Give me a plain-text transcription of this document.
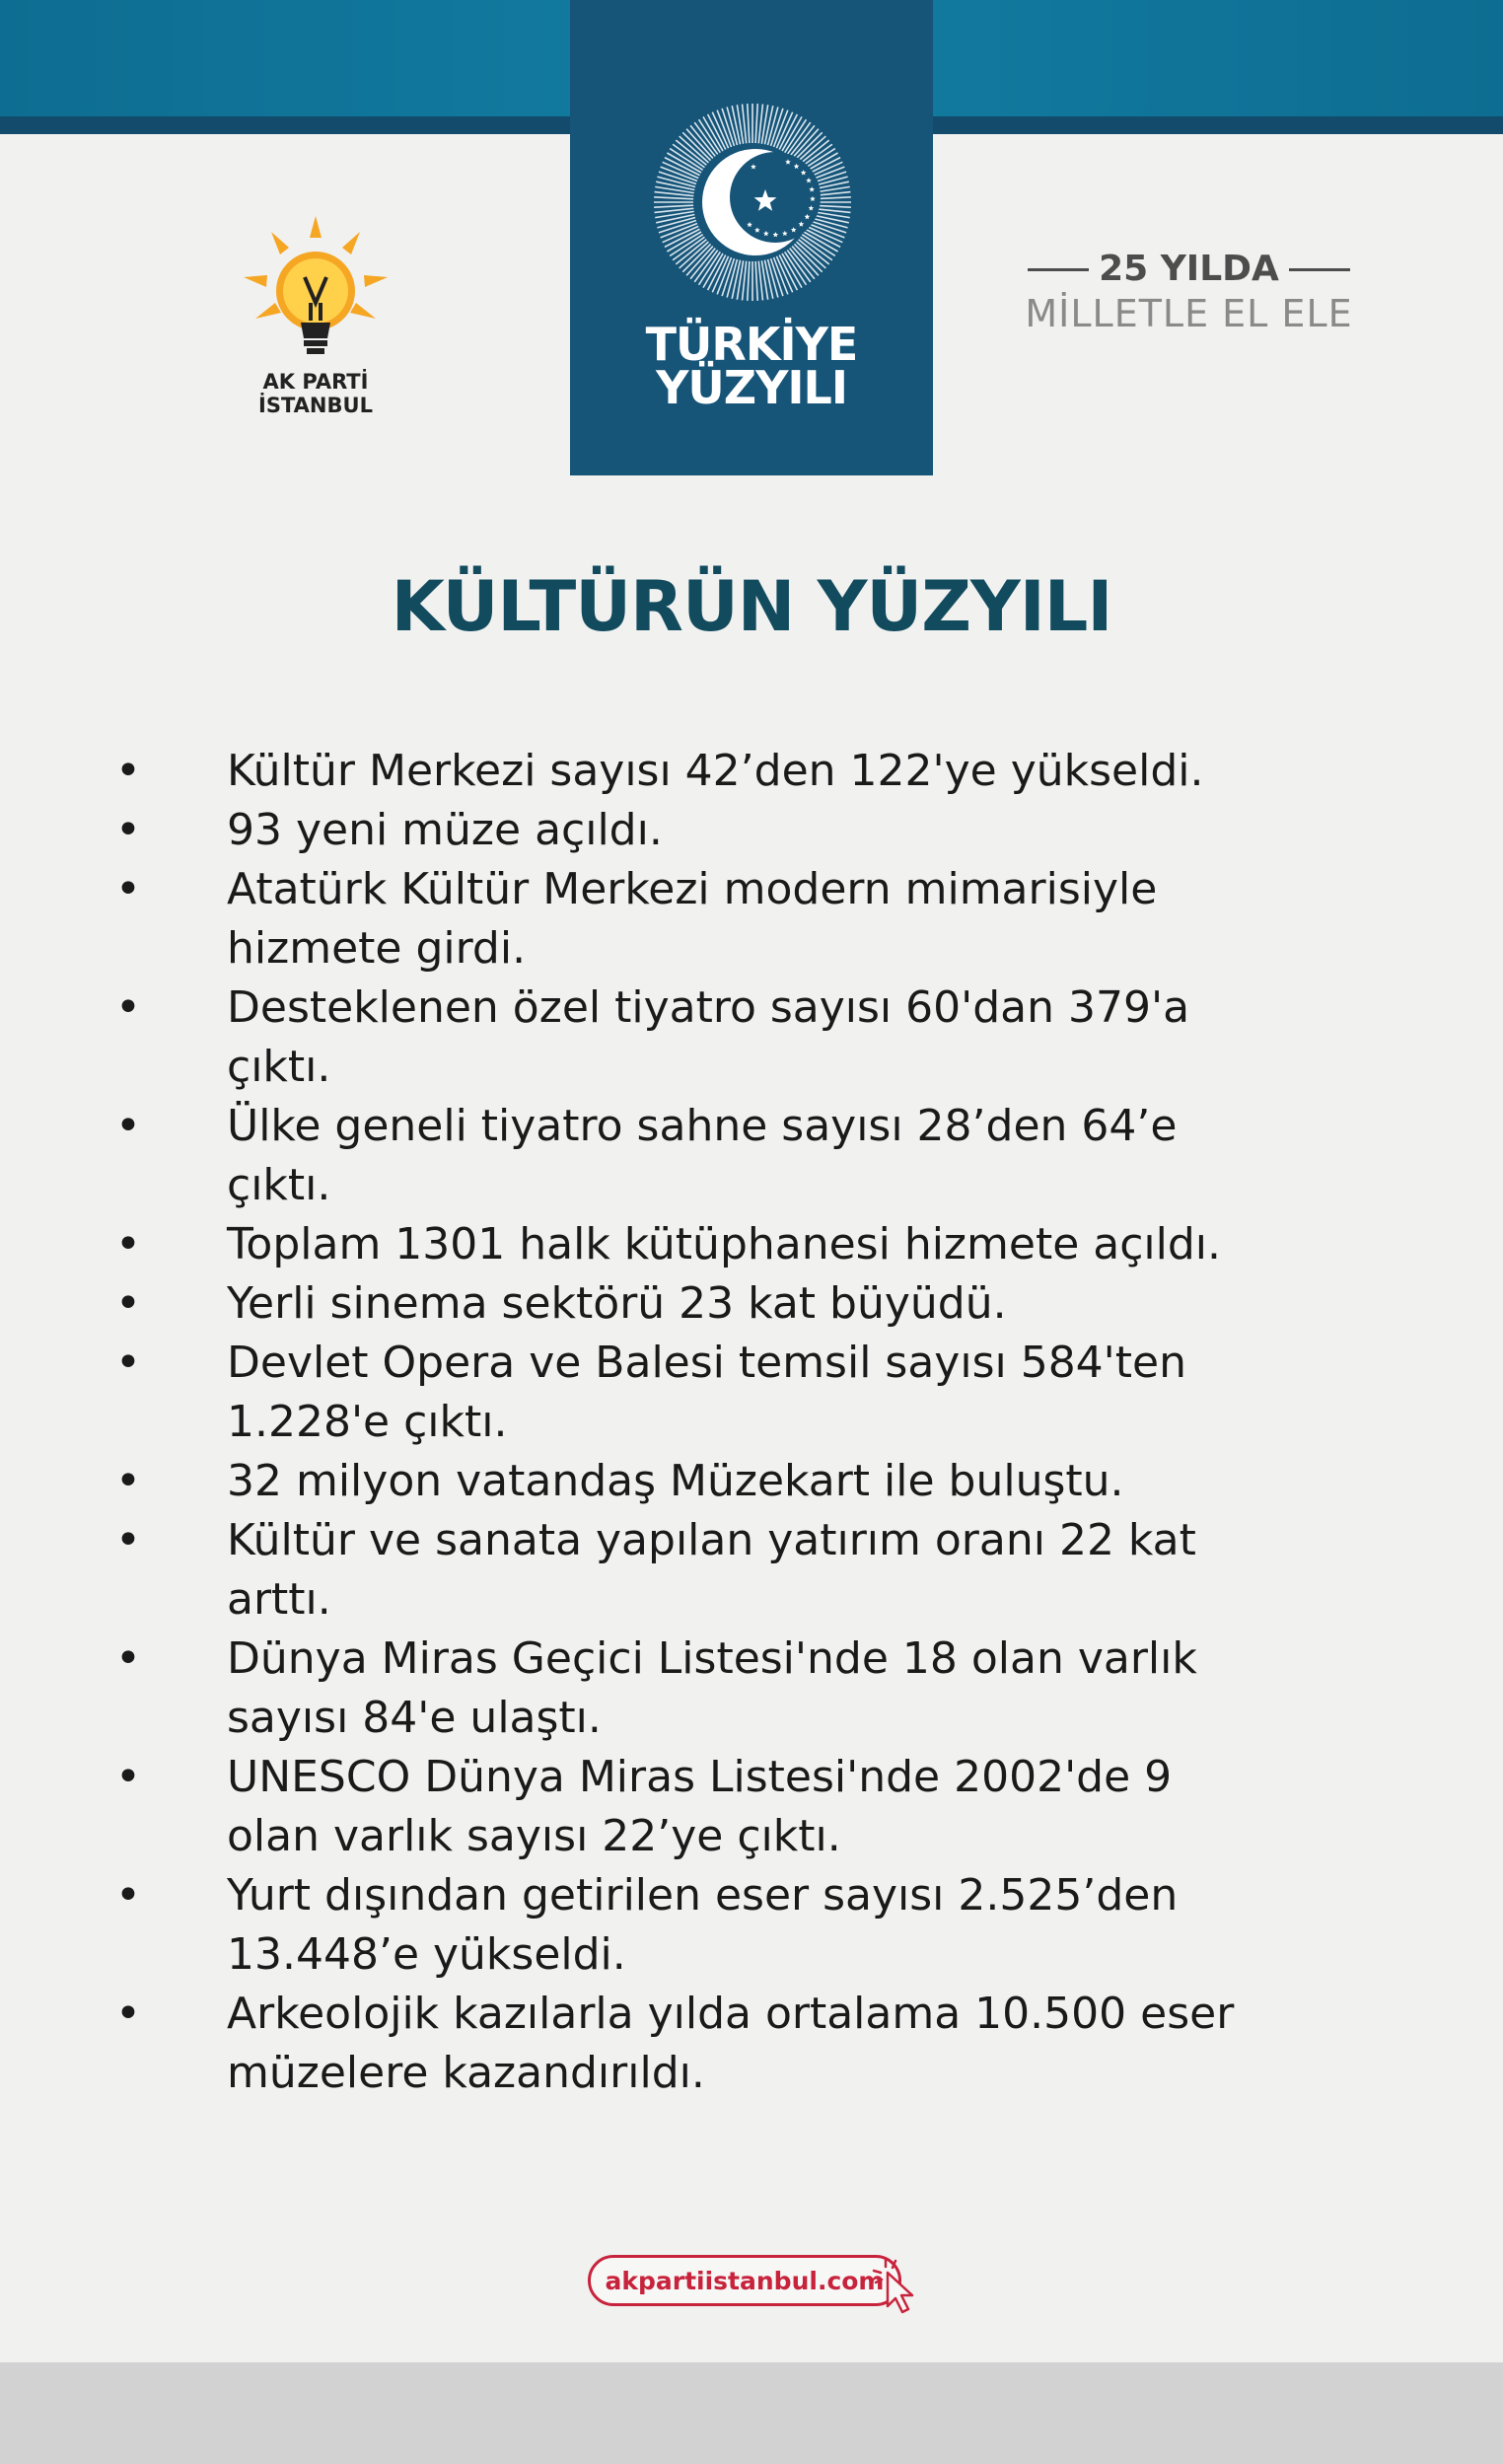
AK PARTİ
İSTANBUL
TÜRKİYE
YÜZYILI
25 YILDA
MİLLETLE EL ELE
KÜLTÜRÜN YÜZYILI
• Kültür Merkezi sayısı 42’den 122'ye yükseldi.
• 93 yeni müze açıldı.
• Atatürk Kültür Merkezi modern mimarisiyle
hizmete girdi.
• Desteklenen özel tiyatro sayısı 60'dan 379'a
çıktı.
• Ülke geneli tiyatro sahne sayısı 28’den 64’e
çıktı.
• Toplam 1301 halk kütüphanesi hizmete açıldı.
• Yerli sinema sektörü 23 kat büyüdü.
• Devlet Opera ve Balesi temsil sayısı 584'ten
1.228'e çıktı.
• 32 milyon vatandaş Müzekart ile buluştu.
• Kültür ve sanata yapılan yatırım oranı 22 kat
arttı.
• Dünya Miras Geçici Listesi'nde 18 olan varlık
sayısı 84'e ulaştı.
• UNESCO Dünya Miras Listesi'nde 2002'de 9
olan varlık sayısı 22’ye çıktı.
• Yurt dışından getirilen eser sayısı 2.525’den
13.448’e yükseldi.
• Arkeolojik kazılarla yılda ortalama 10.500 eser
müzelere kazandırıldı.
akpartiistanbul.com
